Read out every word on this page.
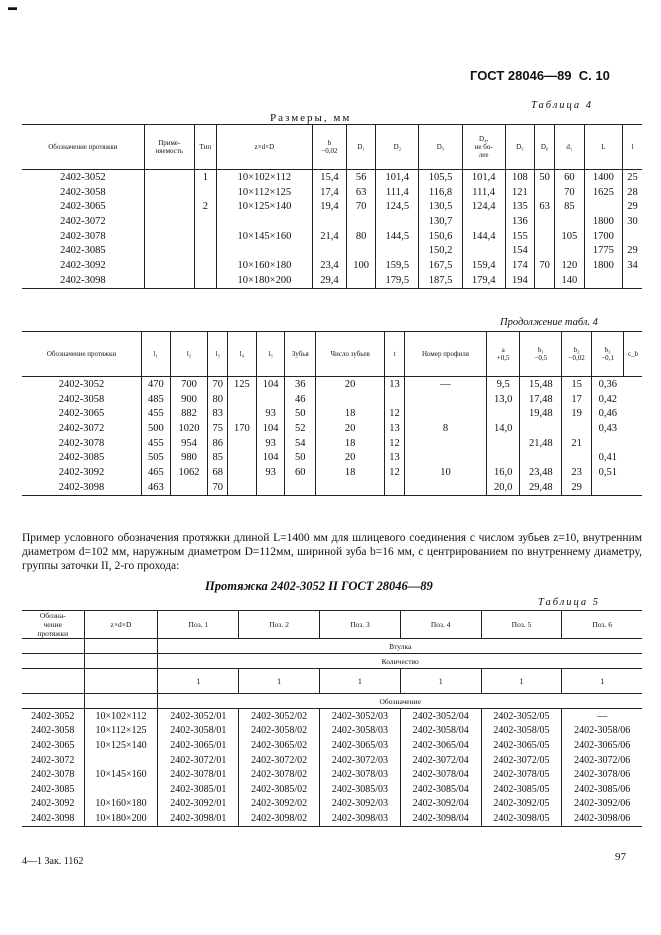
▬
ГОСТ 28046—89 С. 10
Таблица 4
Размеры, мм
Обозначение протяжки	Приме-
няемость	Тип	z×d×D	b
−0,02	D₁	D₂	D₃	D₄,
не бо-
лее	D₅	D₆	d₁	L	l
2402-3052		1	10×102×112	15,4	56	101,4	105,5	101,4	108	50	60	1400	25
2402-3058			10×112×125	17,4	63	111,4	116,8	111,4	121		70	1625	28
2402-3065		2	10×125×140	19,4	70	124,5	130,5	124,4	135	63	85		29
2402-3072							130,7		136			1800	30
2402-3078			10×145×160	21,4	80	144,5	150,6	144,4	155		105	1700	
2402-3085							150,2		154			1775	29
2402-3092			10×160×180	23,4	100	159,5	167,5	159,4	174	70	120	1800	34
2402-3098			10×180×200	29,4		179,5	187,5	179,4	194		140		
Продолжение табл. 4
Обозначение протяжки	l₁	l₂	l₃	l₄	l₅	Зубья	Число зубьев	t	Номер профиля	a
+0,5	b₁
−0,5	b₂
−0,02	b₃
−0,1	c_b
2402-3052	470	700	70	125	104	36	20	13	—	9,5	15,48	15	0,36	
2402-3058	485	900	80			46				13,0	17,48	17	0,42	
2402-3065	455	882	83		93	50	18	12			19,48	19	0,46	
2402-3072	500	1020	75	170	104	52	20	13	8	14,0			0,43	
2402-3078	455	954	86		93	54	18	12			21,48	21		
2402-3085	505	980	85		104	50	20	13					0,41	
2402-3092	465	1062	68		93	60	18	12	10	16,0	23,48	23	0,51	
2402-3098	463		70							20,0	29,48	29		
Пример условного обозначения протяжки длиной L=1400 мм для шлицевого соединения с числом зубьев z=10, внутренним диаметром d=102 мм, наружным диаметром D=112мм, шириной зуба b=16 мм, с центрированием по внутреннему диаметру, группы заточки II, 2-го прохода:
Протяжка 2402-3052 II ГОСТ 28046—89
Таблица 5
Обозна-
чение
протяжки	z×d×D	Поз. 1	Поз. 2	Поз. 3	Поз. 4	Поз. 5	Поз. 6
		Втулка					
		Количество					
		1	1	1	1	1	1
		Обозначение					
2402-3052	10×102×112	2402-3052/01	2402-3052/02	2402-3052/03	2402-3052/04	2402-3052/05	—
2402-3058	10×112×125	2402-3058/01	2402-3058/02	2402-3058/03	2402-3058/04	2402-3058/05	2402-3058/06
2402-3065	10×125×140	2402-3065/01	2402-3065/02	2402-3065/03	2402-3065/04	2402-3065/05	2402-3065/06
2402-3072		2402-3072/01	2402-3072/02	2402-3072/03	2402-3072/04	2402-3072/05	2402-3072/06
2402-3078	10×145×160	2402-3078/01	2402-3078/02	2402-3078/03	2402-3078/04	2402-3078/05	2402-3078/06
2402-3085		2402-3085/01	2402-3085/02	2402-3085/03	2402-3085/04	2402-3085/05	2402-3085/06
2402-3092	10×160×180	2402-3092/01	2402-3092/02	2402-3092/03	2402-3092/04	2402-3092/05	2402-3092/06
2402-3098	10×180×200	2402-3098/01	2402-3098/02	2402-3098/03	2402-3098/04	2402-3098/05	2402-3098/06
4—1 Зак. 1162	97
